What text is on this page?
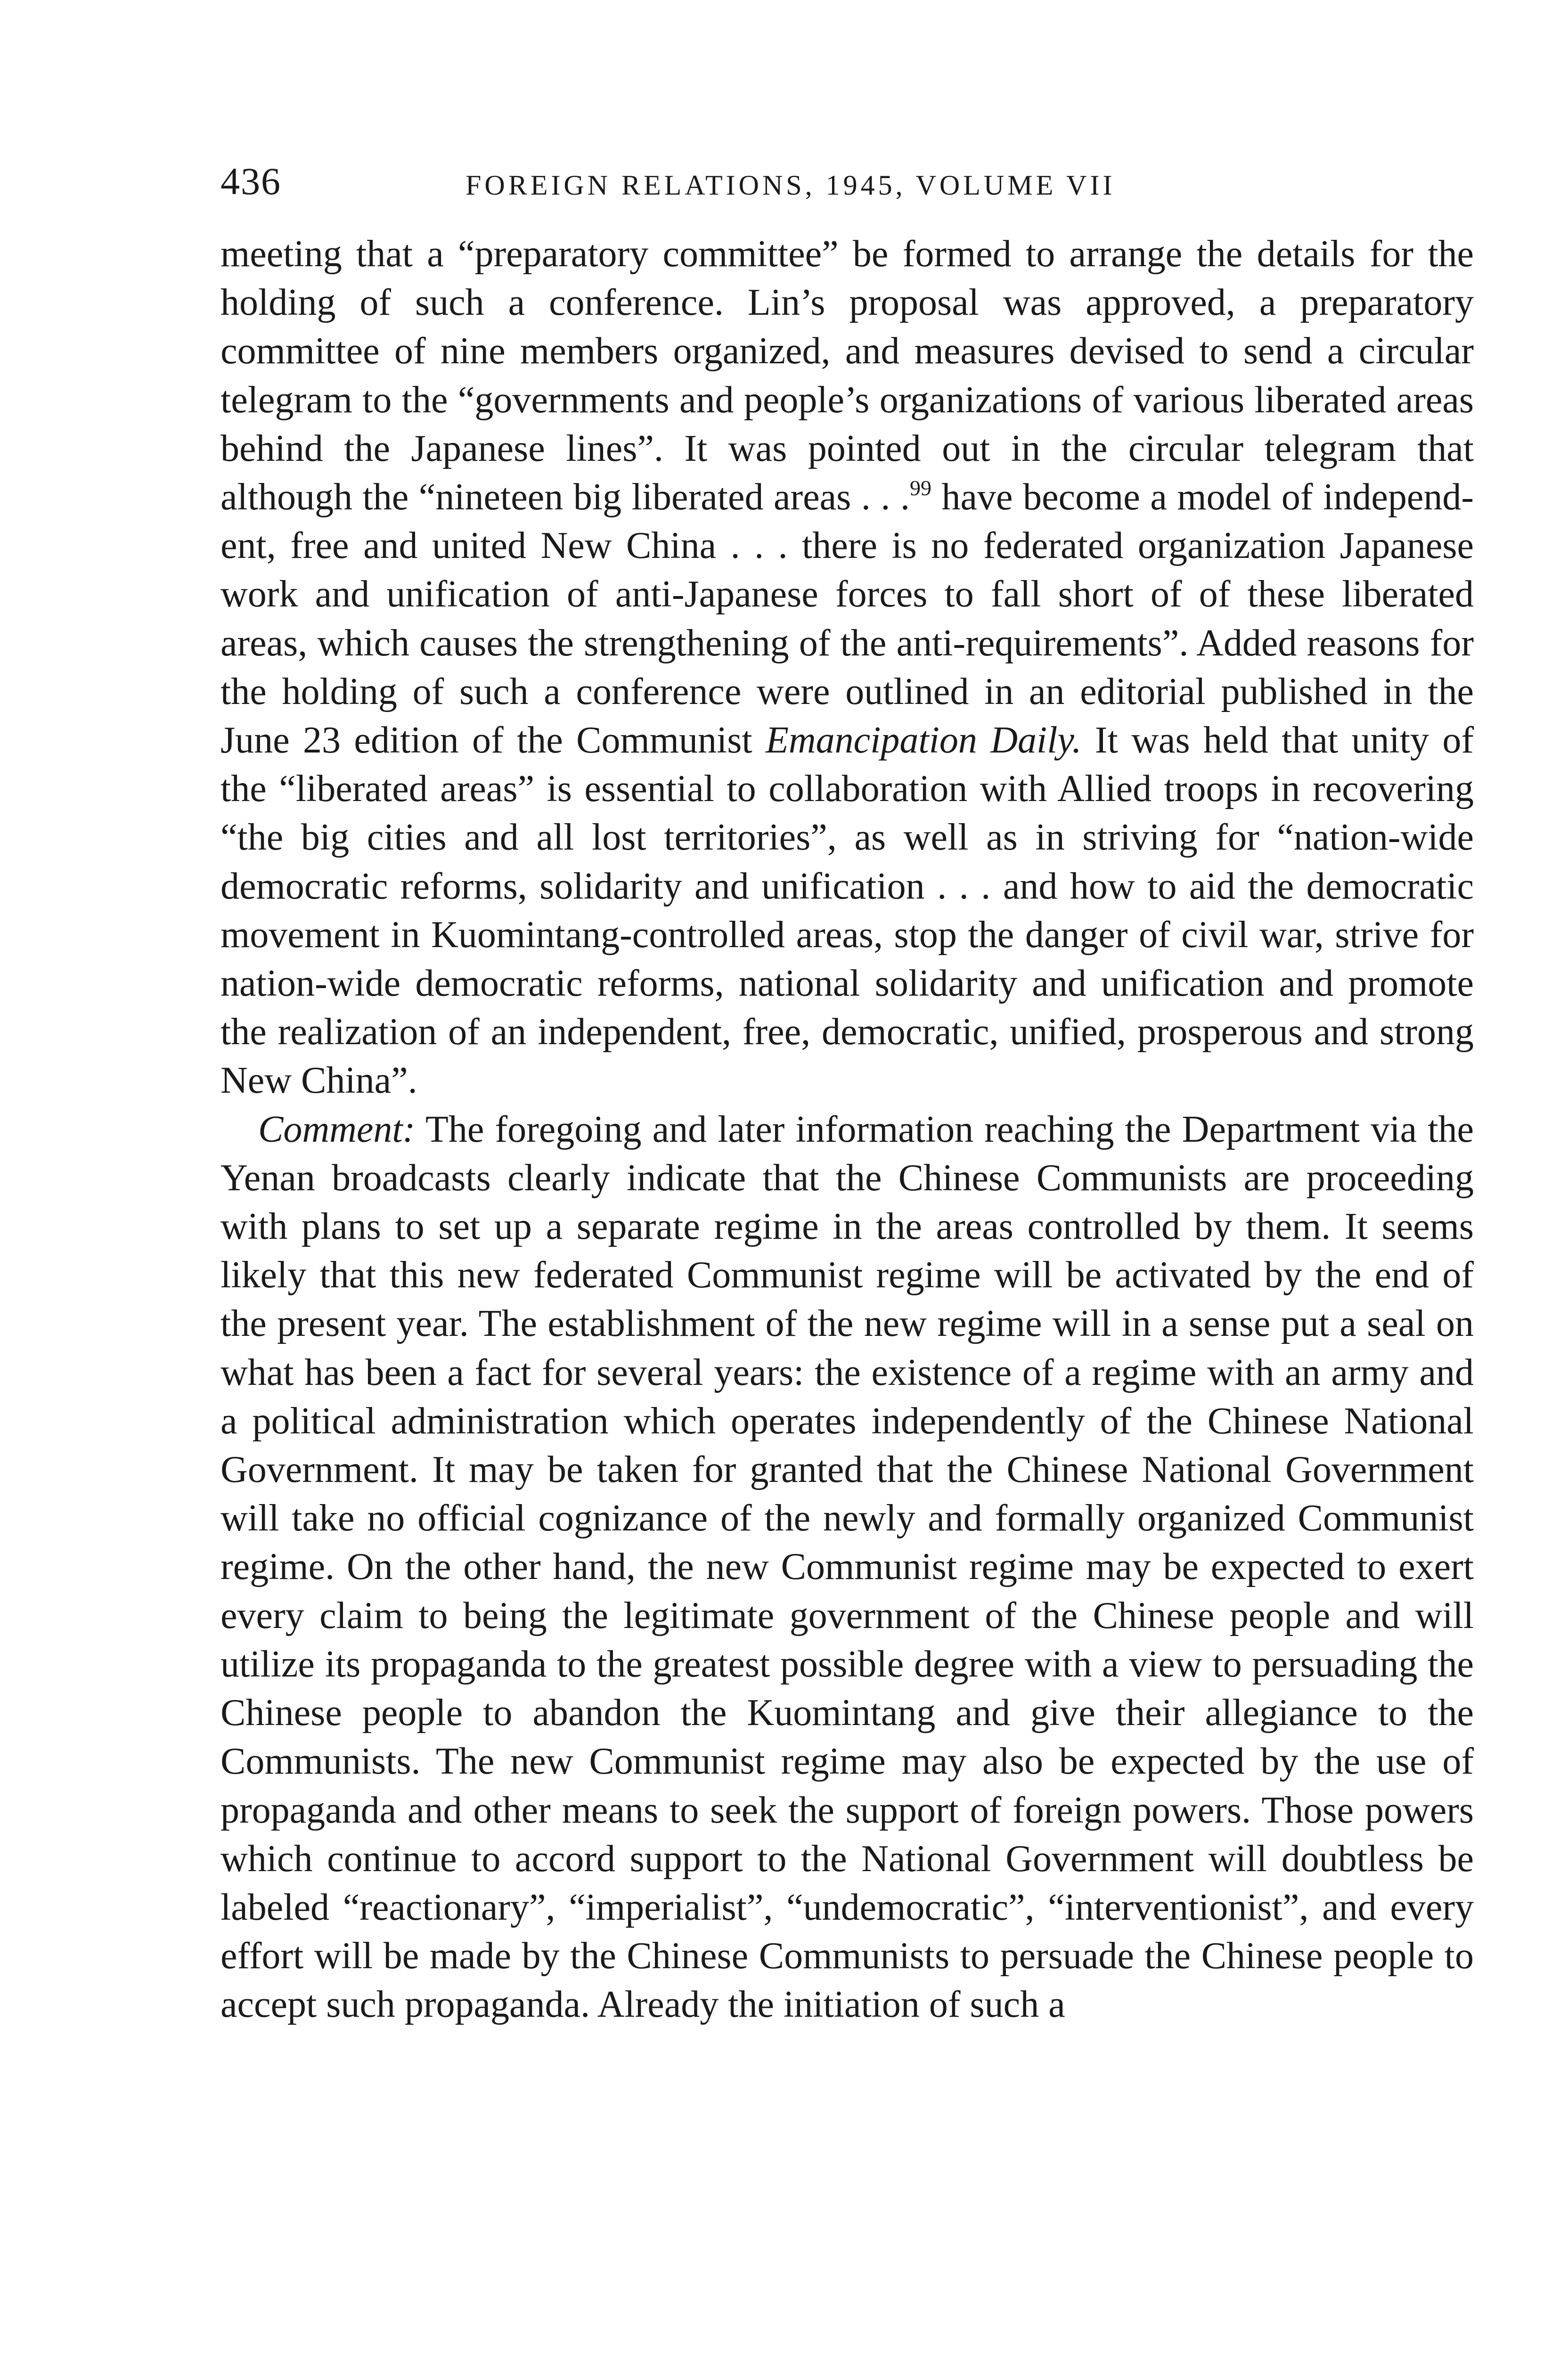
436	FOREIGN RELATIONS, 1945, VOLUME VII

meeting that a “preparatory committee” be formed to arrange the details for the holding of such a conference. Lin’s proposal was approved, a preparatory committee of nine members organized, and measures devised to send a circular telegram to the “governments and people’s organizations of various liberated areas behind the Japanese lines”. It was pointed out in the circular telegram that although the “nineteen big liberated areas . . .$^{99}$ have become a model of independent, free and united New China . . . there is no federated organization Japanese work and unification of anti-Japanese forces to fall short of of these liberated areas, which causes the strengthening of the anti-requirements”. Added reasons for the holding of such a conference were outlined in an editorial published in the June 23 edition of the Communist Emancipation Daily. It was held that unity of the “liberated areas” is essential to collaboration with Allied troops in recovering “the big cities and all lost territories”, as well as in striving for “nation-wide democratic reforms, solidarity and unification . . . and how to aid the democratic movement in Kuomintang-controlled areas, stop the danger of civil war, strive for nation-wide democratic reforms, national solidarity and unification and promote the realization of an independent, free, democratic, unified, prosperous and strong New China”.

Comment: The foregoing and later information reaching the Department via the Yenan broadcasts clearly indicate that the Chinese Communists are proceeding with plans to set up a separate regime in the areas controlled by them. It seems likely that this new federated Communist regime will be activated by the end of the present year. The establishment of the new regime will in a sense put a seal on what has been a fact for several years: the existence of a regime with an army and a political administration which operates independently of the Chinese National Government. It may be taken for granted that the Chinese National Government will take no official cognizance of the newly and formally organized Communist regime. On the other hand, the new Communist regime may be expected to exert every claim to being the legitimate government of the Chinese people and will utilize its propaganda to the greatest possible degree with a view to persuading the Chinese people to abandon the Kuomintang and give their allegiance to the Communists. The new Communist regime may also be expected by the use of propaganda and other means to seek the support of foreign powers. Those powers which continue to accord support to the National Government will doubtless be labeled “reactionary”, “imperialist”, “undemocratic”, “interventionist”, and every effort will be made by the Chinese Communists to persuade the Chinese people to accept such propaganda. Already the initiation of such a
